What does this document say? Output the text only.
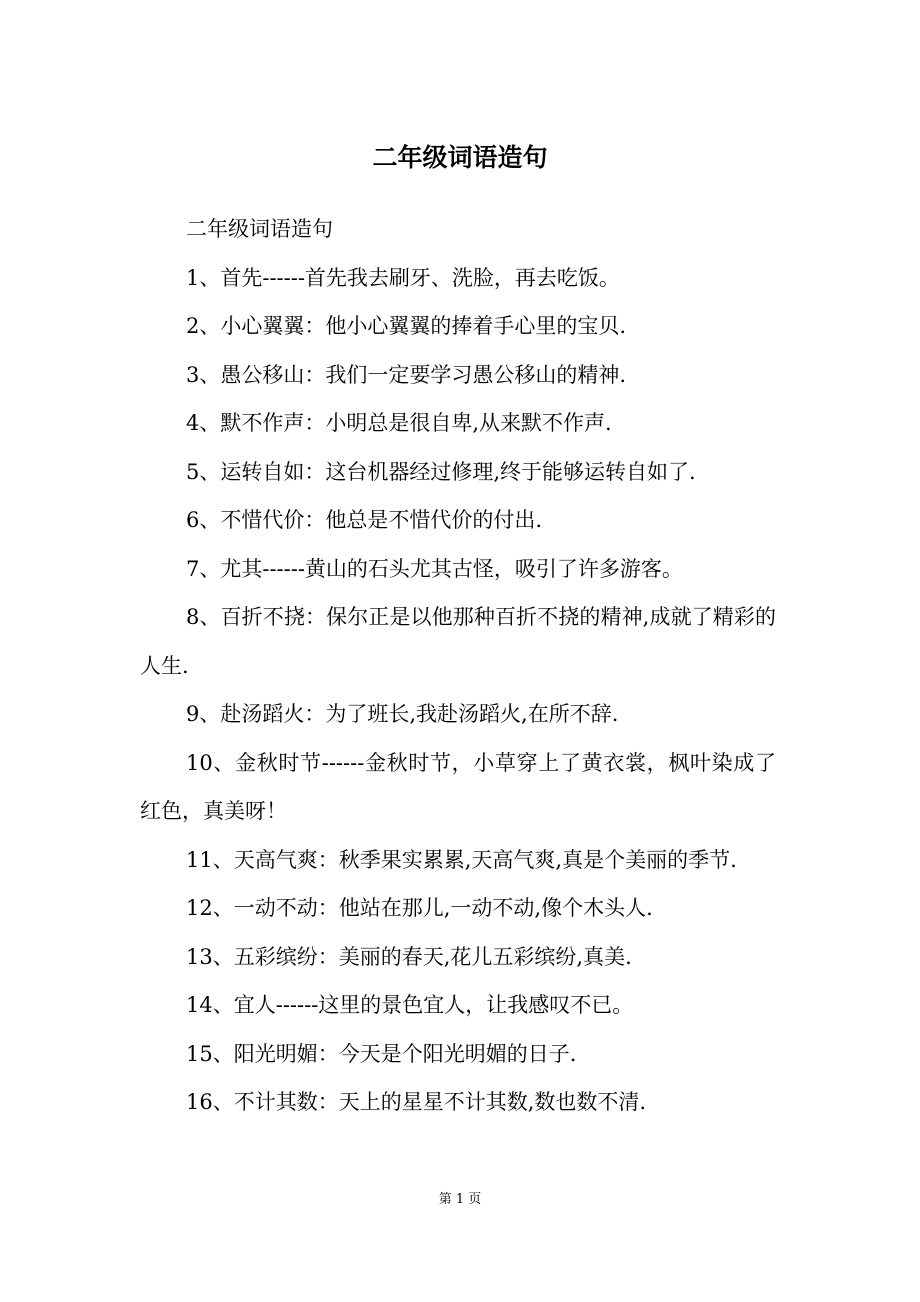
二年级词语造句

二年级词语造句

1、首先------首先我去刷牙、洗脸，再去吃饭。

2、小心翼翼：他小心翼翼的捧着手心里的宝贝.

3、愚公移山：我们一定要学习愚公移山的精神.

4、默不作声：小明总是很自卑,从来默不作声.

5、运转自如：这台机器经过修理,终于能够运转自如了.

6、不惜代价：他总是不惜代价的付出.

7、尤其------黄山的石头尤其古怪，吸引了许多游客。

8、百折不挠：保尔正是以他那种百折不挠的精神,成就了精彩的人生.

9、赴汤蹈火：为了班长,我赴汤蹈火,在所不辞.

10、金秋时节------金秋时节，小草穿上了黄衣裳，枫叶染成了红色，真美呀！

11、天高气爽：秋季果实累累,天高气爽,真是个美丽的季节.

12、一动不动：他站在那儿,一动不动,像个木头人.

13、五彩缤纷：美丽的春天,花儿五彩缤纷,真美.

14、宜人------这里的景色宜人，让我感叹不已。

15、阳光明媚：今天是个阳光明媚的日子.

16、不计其数：天上的星星不计其数,数也数不清.

第 1 页
